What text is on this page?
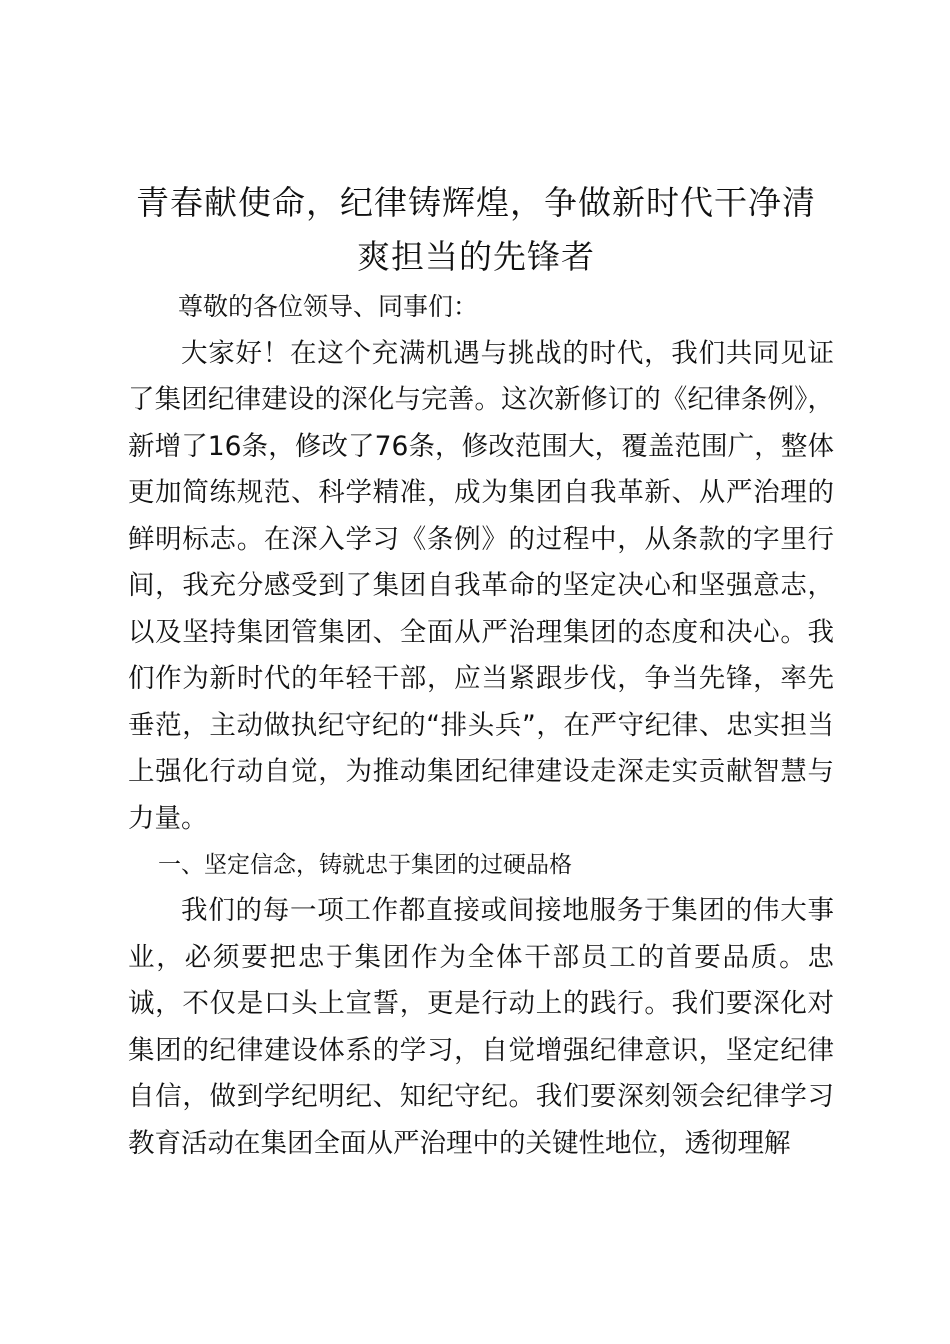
青春献使命，纪律铸辉煌，争做新时代干净清爽担当的先锋者

尊敬的各位领导、同事们：

大家好！在这个充满机遇与挑战的时代，我们共同见证了集团纪律建设的深化与完善。这次新修订的《纪律条例》，新增了16条，修改了76条，修改范围大，覆盖范围广，整体更加简练规范、科学精准，成为集团自我革新、从严治理的鲜明标志。在深入学习《条例》的过程中，从条款的字里行间，我充分感受到了集团自我革命的坚定决心和坚强意志，以及坚持集团管集团、全面从严治理集团的态度和决心。我们作为新时代的年轻干部，应当紧跟步伐，争当先锋，率先垂范，主动做执纪守纪的“排头兵”，在严守纪律、忠实担当上强化行动自觉，为推动集团纪律建设走深走实贡献智慧与力量。

一、坚定信念，铸就忠于集团的过硬品格

我们的每一项工作都直接或间接地服务于集团的伟大事业，必须要把忠于集团作为全体干部员工的首要品质。忠诚，不仅是口头上宣誓，更是行动上的践行。我们要深化对集团的纪律建设体系的学习，自觉增强纪律意识，坚定纪律自信，做到学纪明纪、知纪守纪。我们要深刻领会纪律学习教育活动在集团全面从严治理中的关键性地位，透彻理解
